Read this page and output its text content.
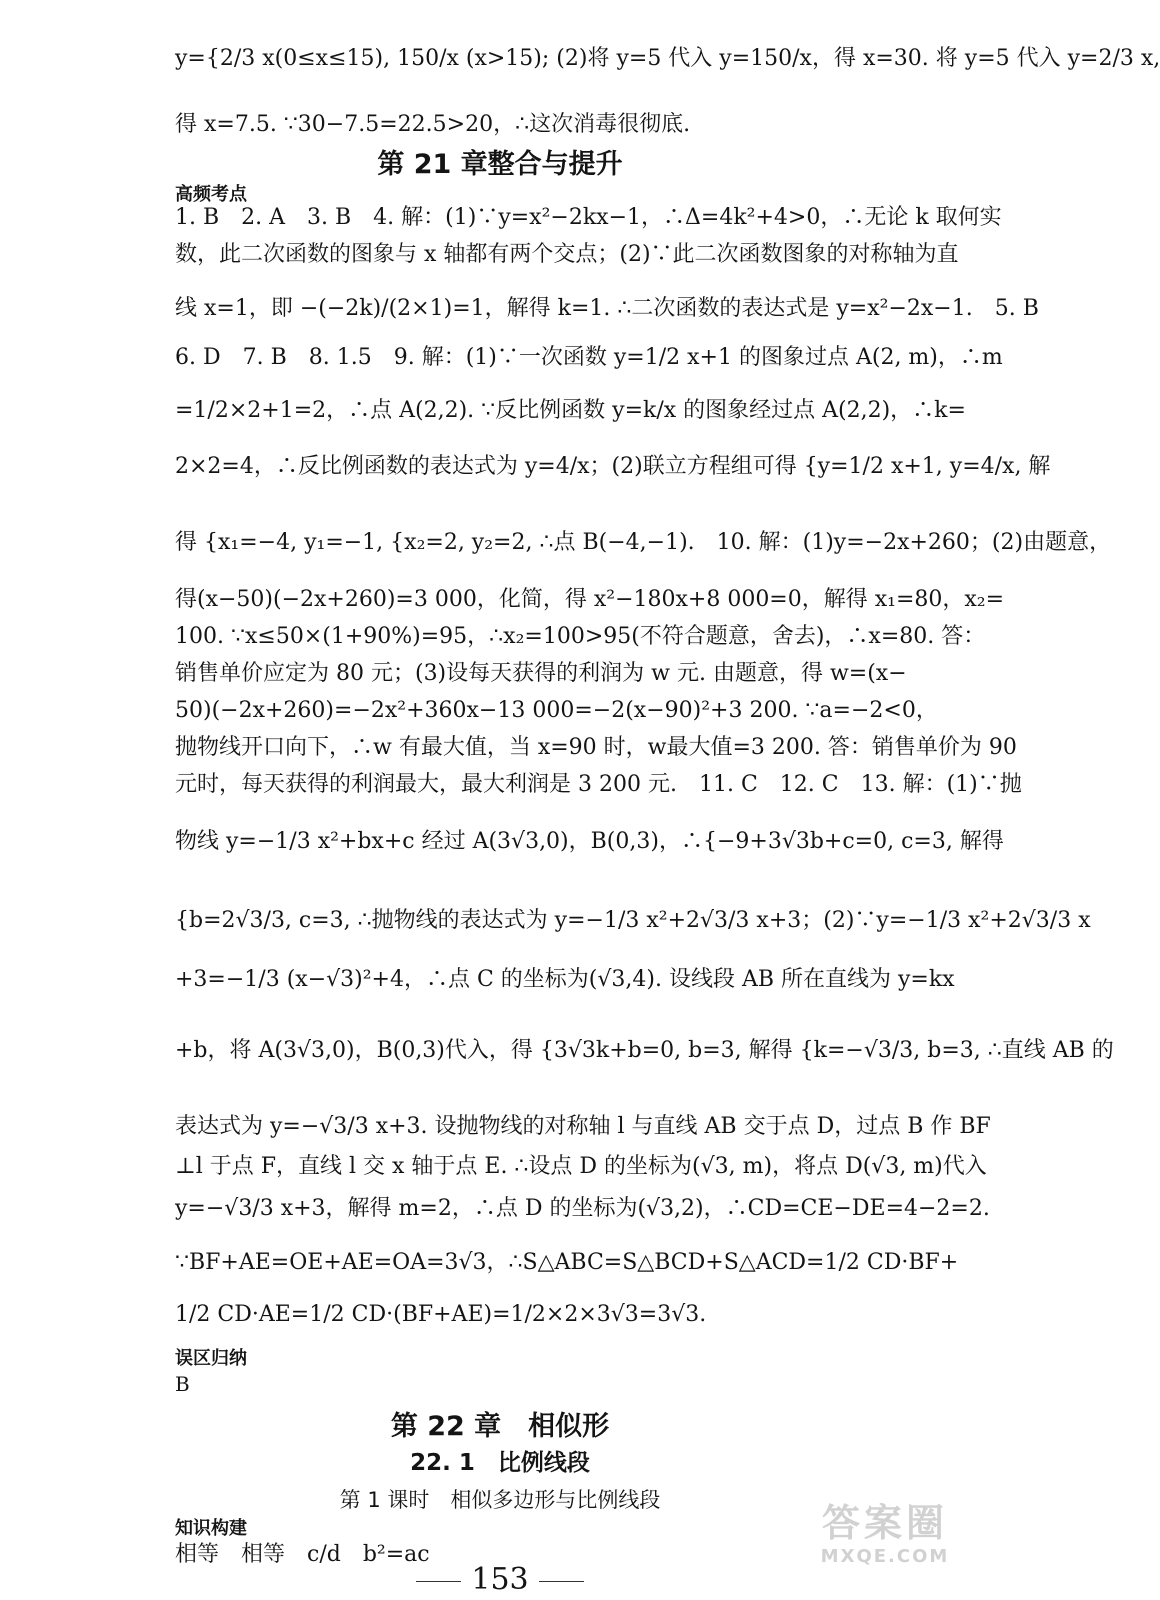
y={2/3 x(0≤x≤15), 150/x (x>15); (2)将 y=5 代入 y=150/x，得 x=30. 将 y=5 代入 y=2/3 x,
得 x=7.5. ∵30−7.5=22.5>20，∴这次消毒很彻底.
第 21 章整合与提升
高频考点
1. B　2. A　3. B　4. 解：(1)∵y=x²−2kx−1，∴Δ=4k²+4>0，∴无论 k 取何实
数，此二次函数的图象与 x 轴都有两个交点；(2)∵此二次函数图象的对称轴为直
线 x=1，即 −(−2k)/(2×1)=1，解得 k=1. ∴二次函数的表达式是 y=x²−2x−1.　5. B
6. D　7. B　8. 1.5　9. 解：(1)∵一次函数 y=1/2 x+1 的图象过点 A(2, m)，∴m
=1/2×2+1=2，∴点 A(2,2). ∵反比例函数 y=k/x 的图象经过点 A(2,2)，∴k=
2×2=4，∴反比例函数的表达式为 y=4/x；(2)联立方程组可得 {y=1/2 x+1, y=4/x, 解
得 {x₁=−4, y₁=−1, {x₂=2, y₂=2, ∴点 B(−4,−1).　10. 解：(1)y=−2x+260；(2)由题意，
得(x−50)(−2x+260)=3 000，化简，得 x²−180x+8 000=0，解得 x₁=80，x₂=
100. ∵x≤50×(1+90%)=95，∴x₂=100>95(不符合题意，舍去)，∴x=80. 答：
销售单价应定为 80 元；(3)设每天获得的利润为 w 元. 由题意，得 w=(x−
50)(−2x+260)=−2x²+360x−13 000=−2(x−90)²+3 200. ∵a=−2<0，
抛物线开口向下，∴w 有最大值，当 x=90 时，w最大值=3 200. 答：销售单价为 90
元时，每天获得的利润最大，最大利润是 3 200 元.　11. C　12. C　13. 解：(1)∵抛
物线 y=−1/3 x²+bx+c 经过 A(3√3,0)，B(0,3)，∴{−9+3√3b+c=0, c=3, 解得
{b=2√3/3, c=3, ∴抛物线的表达式为 y=−1/3 x²+2√3/3 x+3；(2)∵y=−1/3 x²+2√3/3 x
+3=−1/3 (x−√3)²+4，∴点 C 的坐标为(√3,4). 设线段 AB 所在直线为 y=kx
+b，将 A(3√3,0)，B(0,3)代入，得 {3√3k+b=0, b=3, 解得 {k=−√3/3, b=3, ∴直线 AB 的
表达式为 y=−√3/3 x+3. 设抛物线的对称轴 l 与直线 AB 交于点 D，过点 B 作 BF
⊥l 于点 F，直线 l 交 x 轴于点 E. ∴设点 D 的坐标为(√3, m)，将点 D(√3, m)代入
y=−√3/3 x+3，解得 m=2，∴点 D 的坐标为(√3,2)，∴CD=CE−DE=4−2=2.
∵BF+AE=OE+AE=OA=3√3，∴S△ABC=S△BCD+S△ACD=1/2 CD·BF+
1/2 CD·AE=1/2 CD·(BF+AE)=1/2×2×3√3=3√3.
误区归纳
B
第 22 章　相似形
22. 1　比例线段
第 1 课时　相似多边形与比例线段
知识构建
相等　相等　c/d　b²=ac
153
答案圈
MXQE.COM
